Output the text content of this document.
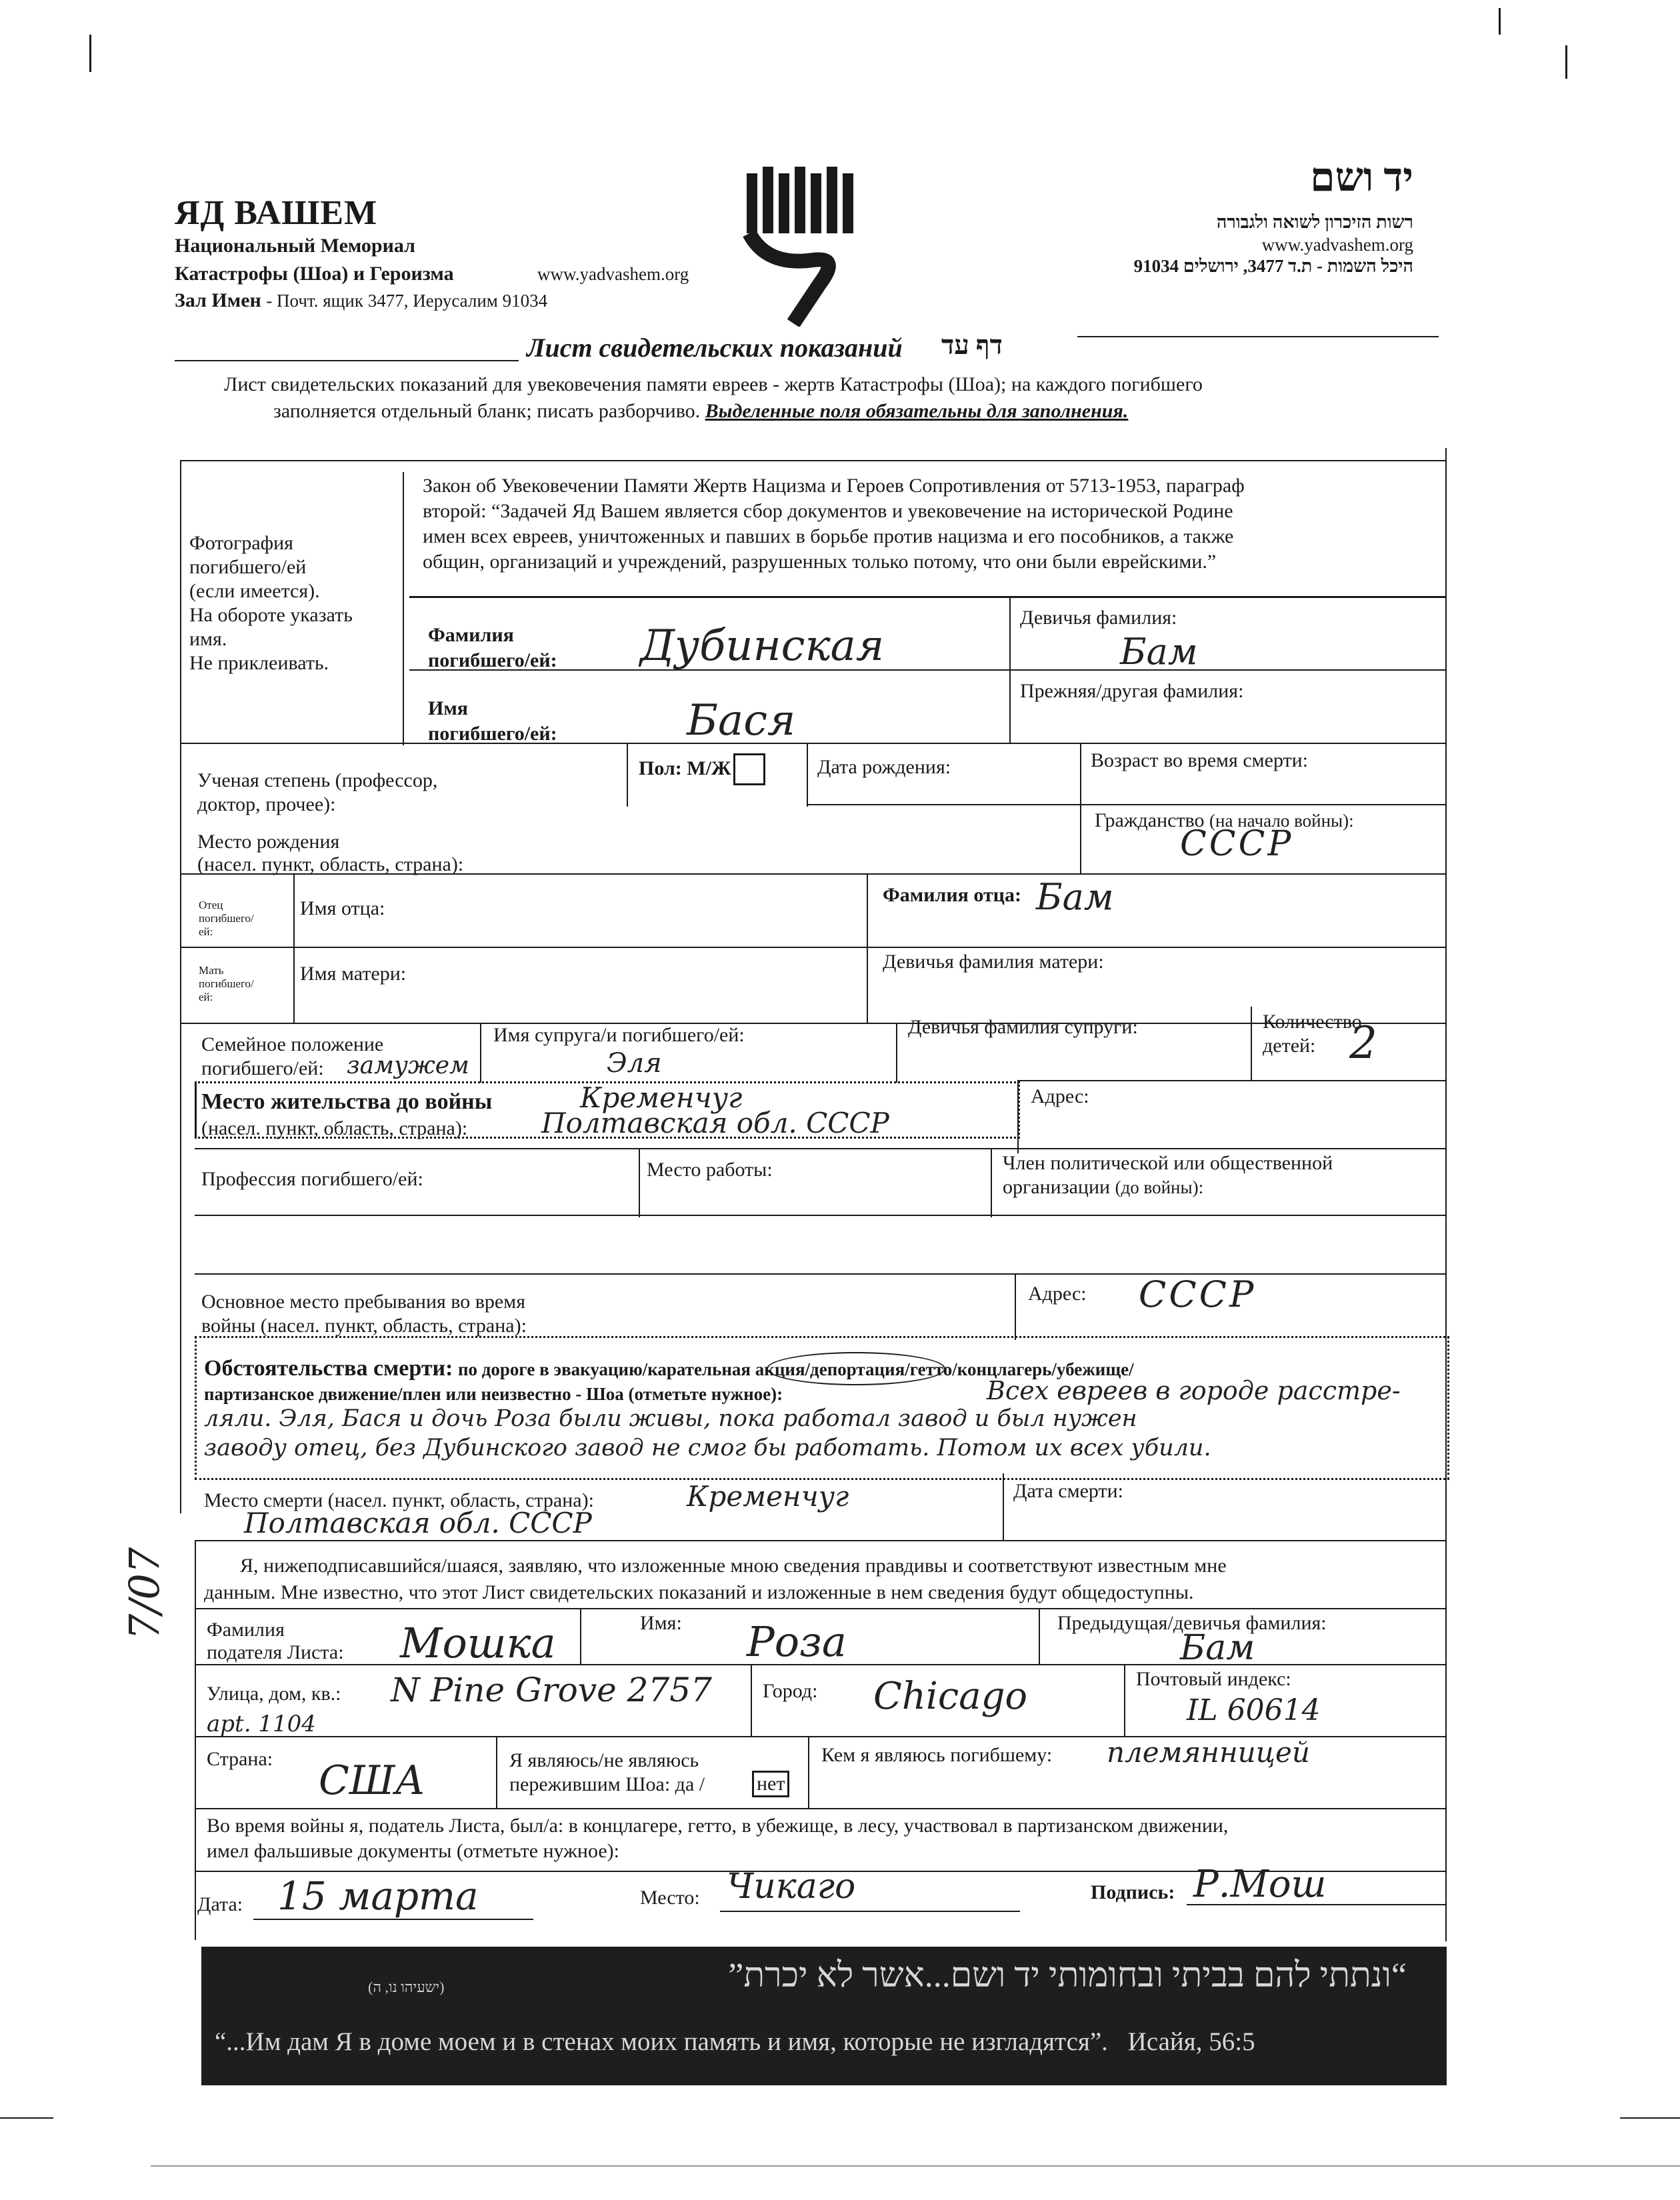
ЯД ВАШЕМ
Национальный Мемориал
Катастрофы (Шоа) и Героизма	www.yadvashem.org
Зал Имен - Почт. ящик 3477, Иерусалим 91034
יד ושם
רשות הזיכרון לשואה ולגבורה
www.yadvashem.org
היכל השמות - ת.ד 3477, ירושלים 91034
Лист свидетельских показаний דף עד
Лист свидетельских показаний для увековечения памяти евреев - жертв Катастрофы (Шоа); на каждого погибшего
заполняется отдельный бланк; писать разборчиво. Выделенные поля обязательны для заполнения.
Фотография
погибшего/ей
(если имеется).
На обороте указать
имя.
Не приклеивать.
Закон об Увековечении Памяти Жертв Нацизма и Героев Сопротивления от 5713-1953, параграф
второй: “Задачей Яд Вашем является сбор документов и увековечение на исторической Родине
имен всех евреев, уничтоженных и павших в борьбе против нацизма и его пособников, а также
общин, организаций и учреждений, разрушенных только потому, что они были еврейскими.”
Фамилия
погибшего/ей: Дубинская
Девичья фамилия:
Бам
Имя
погибшего/ей:	Бася
Прежняя/другая фамилия:
Ученая степень (профессор,
доктор, прочее):
Пол: М/Ж	Дата рождения:	Возраст во время смерти:
Место рождения
(насел. пункт, область, страна):
Гражданство (на начало войны):
СССР
Отец
погибшего/
ей:
Имя отца:
Фамилия отца: Бам
Мать
погибшего/
ей:
Имя матери:
Девичья фамилия матери:
Семейное положение
погибшего/ей: замужем
Имя супруга/и погибшего/ей:
Эля
Девичья фамилия супруги:	Количество
детей: 2
Место жительства до войны
(насел. пункт, область, страна):
Кременчуг
Полтавская обл. СССР
Адрес:
Профессия погибшего/ей:	Место работы:	Член политической или общественной
организации (до войны):
Основное место пребывания во время
войны (насел. пункт, область, страна):
Адрес: СССР
Обстоятельства смерти: по дороге в эвакуацию/карательная акция/депортация/гетто/концлагерь/убежище/
партизанское движение/плен или неизвестно - Шоа (отметьте нужное):	Всех евреев в городе расстре-
ляли. Эля, Бася и дочь Роза были живы, пока работал завод и был нужен
заводу отец, без Дубинского завод не смог бы работать. Потом их всех убили.
Место смерти (насел. пункт, область, страна):	Кременчуг
Полтавская обл. СССР
Дата смерти:
Я, нижеподписавшийся/шаяся, заявляю, что изложенные мною сведения правдивы и соответствуют известным мне
данным. Мне известно, что этот Лист свидетельских показаний и изложенные в нем сведения будут общедоступны.
7/07 Фамилия
подателя Листа: Мошка	Имя: Роза	Предыдущая/девичья фамилия:
Бам
Улица, дом, кв.: N Pine Grove 2757
apt. 1104
Город: Chicago	Почтовый индекс:
IL 60614
Страна: США	Я являюсь/не являюсь
пережившим Шоа: да /	нет
Кем я являюсь погибшему: племянницей
Во время войны я, податель Листа, был/а: в концлагере, гетто, в убежище, в лесу, участвовал в партизанском движении,
имел фальшивые документы (отметьте нужное):
Дата: 15 марта	Место: Чикаго	Подпись: Р.Мош
“ונתתי להם בביתי ובחומותי יד ושם...אשר לא יכרת”
(ישעיהו נו, ה)
“...Им дам Я в доме моем и в стенах моих память и имя, которые не изгладятся”. Исайя, 56:5
